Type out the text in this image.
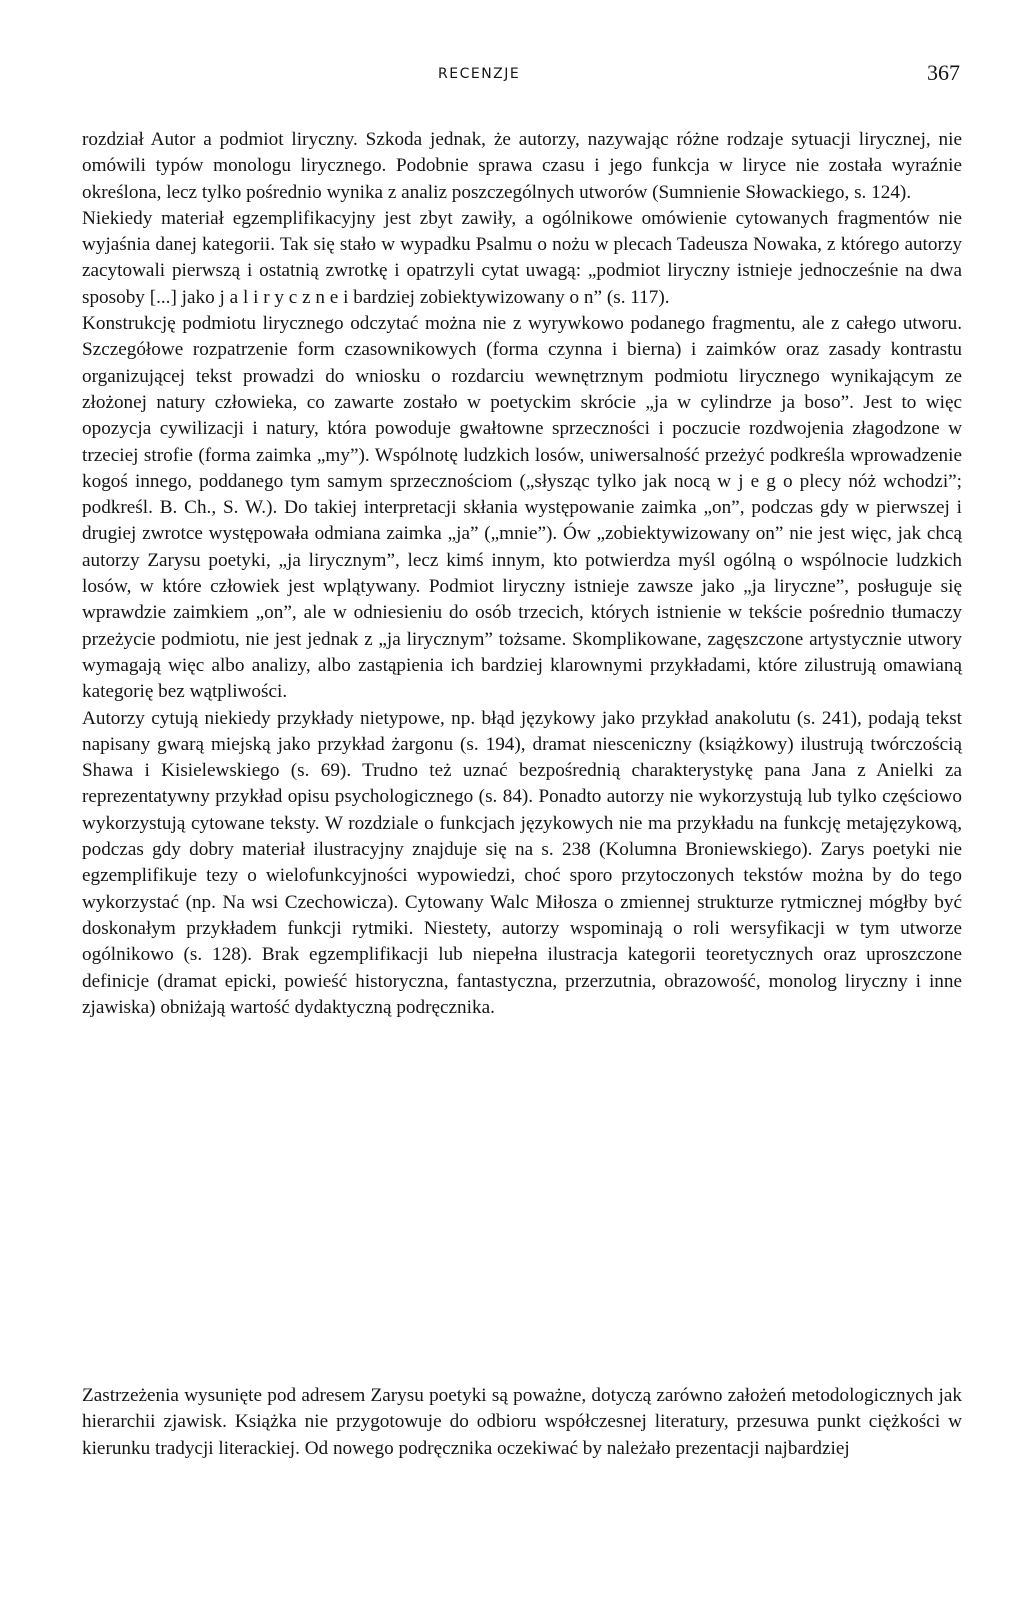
RECENZJE	367

rozdział Autor a podmiot liryczny. Szkoda jednak, że autorzy, nazywając różne rodzaje sytuacji lirycznej, nie omówili typów monologu lirycznego. Podobnie sprawa czasu i jego funkcja w liryce nie została wyraźnie określona, lecz tylko pośrednio wynika z analiz poszczególnych utworów (Sumnienie Słowackiego, s. 124).

Niekiedy materiał egzemplifikacyjny jest zbyt zawiły, a ogólnikowe omówienie cytowanych fragmentów nie wyjaśnia danej kategorii. Tak się stało w wypadku Psalmu o nożu w plecach Tadeusza Nowaka, z którego autorzy zacytowali pierwszą i ostatnią zwrotkę i opatrzyli cytat uwagą: „podmiot liryczny istnieje jednocześnie na dwa sposoby [...] jako j a l i r y c z n e i bardziej zobiektywizowany o n” (s. 117).

Konstrukcję podmiotu lirycznego odczytać można nie z wyrywkowo podanego fragmentu, ale z całego utworu. Szczegółowe rozpatrzenie form czasownikowych (forma czynna i bierna) i zaimków oraz zasady kontrastu organizującej tekst prowadzi do wniosku o rozdarciu wewnętrznym podmiotu lirycznego wynikającym ze złożonej natury człowieka, co zawarte zostało w poetyckim skrócie „ja w cylindrze ja boso”. Jest to więc opozycja cywilizacji i natury, która powoduje gwałtowne sprzeczności i poczucie rozdwojenia złagodzone w trzeciej strofie (forma zaimka „my”). Wspólnotę ludzkich losów, uniwersalność przeżyć podkreśla wprowadzenie kogoś innego, poddanego tym samym sprzecznościom („słysząc tylko jak nocą w j e g o plecy nóż wchodzi”; podkreśl. B. Ch., S. W.). Do takiej interpretacji skłania występowanie zaimka „on”, podczas gdy w pierwszej i drugiej zwrotce występowała odmiana zaimka „ja” („mnie”). Ów „zobiektywizowany on” nie jest więc, jak chcą autorzy Zarysu poetyki, „ja lirycznym”, lecz kimś innym, kto potwierdza myśl ogólną o wspólnocie ludzkich losów, w które człowiek jest wplątywany. Podmiot liryczny istnieje zawsze jako „ja liryczne”, posługuje się wprawdzie zaimkiem „on”, ale w odniesieniu do osób trzecich, których istnienie w tekście pośrednio tłumaczy przeżycie podmiotu, nie jest jednak z „ja lirycznym” tożsame. Skomplikowane, zagęszczone artystycznie utwory wymagają więc albo analizy, albo zastąpienia ich bardziej klarownymi przykładami, które zilustrują omawianą kategorię bez wątpliwości.

Autorzy cytują niekiedy przykłady nietypowe, np. błąd językowy jako przykład anakolutu (s. 241), podają tekst napisany gwarą miejską jako przykład żargonu (s. 194), dramat niesceniczny (książkowy) ilustrują twórczością Shawa i Kisielewskiego (s. 69). Trudno też uznać bezpośrednią charakterystykę pana Jana z Anielki za reprezentatywny przykład opisu psychologicznego (s. 84). Ponadto autorzy nie wykorzystują lub tylko częściowo wykorzystują cytowane teksty. W rozdziale o funkcjach językowych nie ma przykładu na funkcję metajęzykową, podczas gdy dobry materiał ilustracyjny znajduje się na s. 238 (Kolumna Broniewskiego). Zarys poetyki nie egzemplifikuje tezy o wielofunkcyjności wypowiedzi, choć sporo przytoczonych tekstów można by do tego wykorzystać (np. Na wsi Czechowicza). Cytowany Walc Miłosza o zmiennej strukturze rytmicznej mógłby być doskonałym przykładem funkcji rytmiki. Niestety, autorzy wspominają o roli wersyfikacji w tym utworze ogólnikowo (s. 128). Brak egzemplifikacji lub niepełna ilustracja kategorii teoretycznych oraz uproszczone definicje (dramat epicki, powieść historyczna, fantastyczna, przerzutnia, obrazowość, monolog liryczny i inne zjawiska) obniżają wartość dydaktyczną podręcznika.

Zastrzeżenia wysunięte pod adresem Zarysu poetyki są poważne, dotyczą zarówno założeń metodologicznych jak hierarchii zjawisk. Książka nie przygotowuje do odbioru współczesnej literatury, przesuwa punkt ciężkości w kierunku tradycji literackiej. Od nowego podręcznika oczekiwać by należało prezentacji najbardziej
